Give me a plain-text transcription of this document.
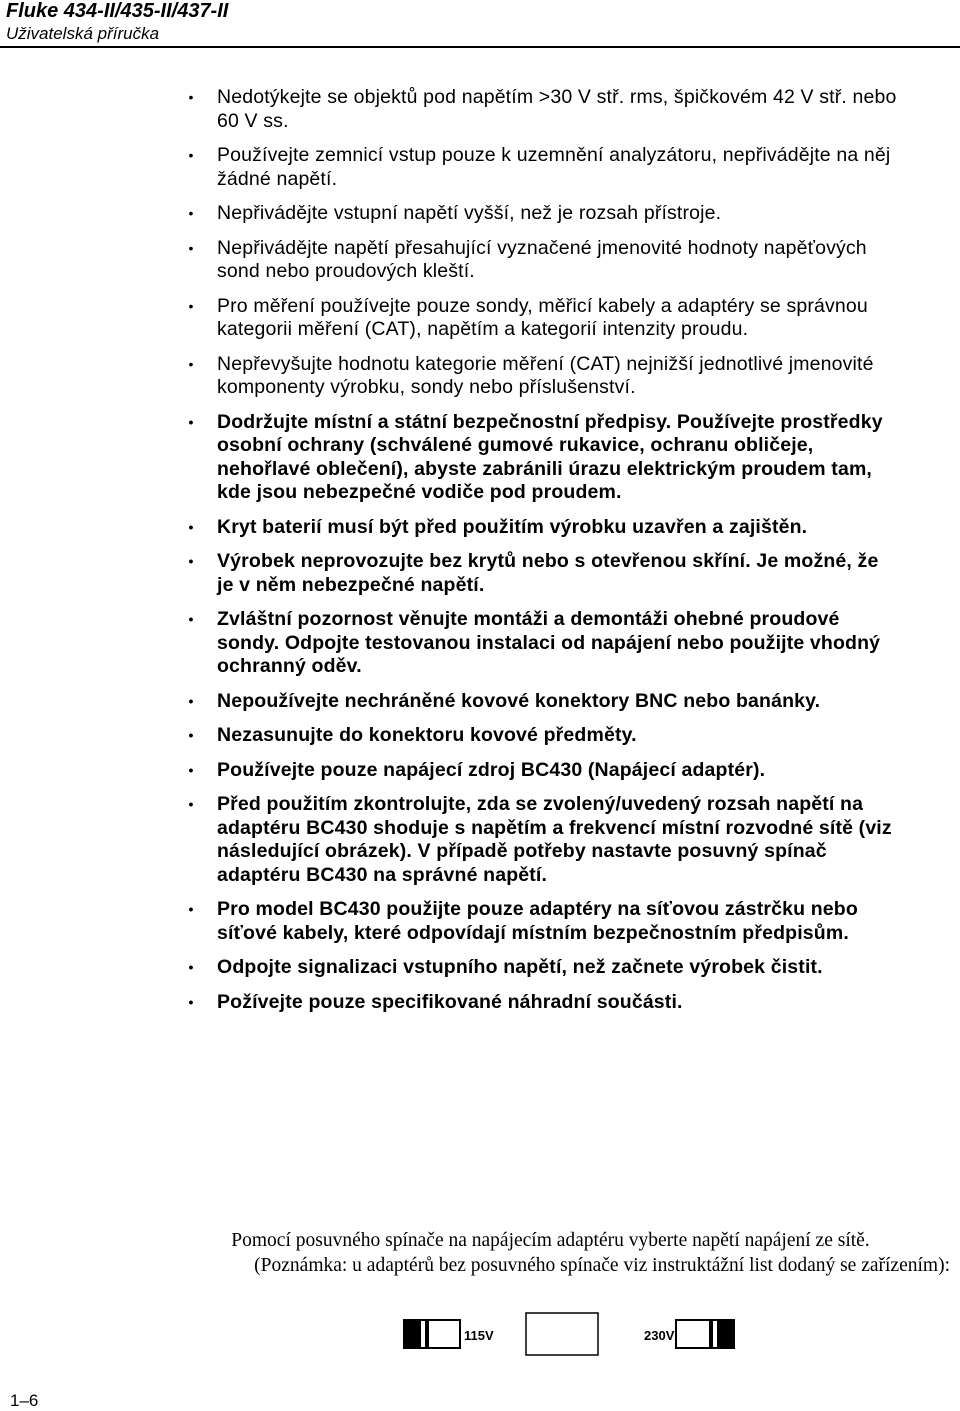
Fluke 434-II/435-II/437-II
Uživatelská příručka
•	Nedotýkejte se objektů pod napětím >30 V stř. rms, špičkovém 42 V stř. nebo 60 V ss.
•	Používejte zemnicí vstup pouze k uzemnění analyzátoru, nepřivádějte na něj žádné napětí.
•	Nepřivádějte vstupní napětí vyšší, než je rozsah přístroje.
•	Nepřivádějte napětí přesahující vyznačené jmenovité hodnoty napěťových sond nebo proudových kleští.
•	Pro měření používejte pouze sondy, měřicí kabely a adaptéry se správnou kategorii měření (CAT), napětím a kategorií intenzity proudu.
•	Nepřevyšujte hodnotu kategorie měření (CAT) nejnižší jednotlivé jmenovité komponenty výrobku, sondy nebo příslušenství.
•	Dodržujte místní a státní bezpečnostní předpisy. Používejte prostředky osobní ochrany (schválené gumové rukavice, ochranu obličeje, nehořlavé oblečení), abyste zabránili úrazu elektrickým proudem tam, kde jsou nebezpečné vodiče pod proudem.
•	Kryt baterií musí být před použitím výrobku uzavřen a zajištěn.
•	Výrobek neprovozujte bez krytů nebo s otevřenou skříní. Je možné, že je v něm nebezpečné napětí.
•	Zvláštní pozornost věnujte montáži a demontáži ohebné proudové sondy. Odpojte testovanou instalaci od napájení nebo použijte vhodný ochranný oděv.
•	Nepoužívejte nechráněné kovové konektory BNC nebo banánky.
•	Nezasunujte do konektoru kovové předměty.
•	Používejte pouze napájecí zdroj BC430 (Napájecí adaptér).
•	Před použitím zkontrolujte, zda se zvolený/uvedený rozsah napětí na adaptéru BC430 shoduje s napětím a frekvencí místní rozvodné sítě (viz následující obrázek). V případě potřeby nastavte posuvný spínač adaptéru BC430 na správné napětí.
•	Pro model BC430 použijte pouze adaptéry na síťovou zástrčku nebo síťové kabely, které odpovídají místním bezpečnostním předpisům.
•	Odpojte signalizaci vstupního napětí, než začnete výrobek čistit.
•	Požívejte pouze specifikované náhradní součásti.
Pomocí posuvného spínače na napájecím adaptéru vyberte napětí napájení ze sítě.
(Poznámka: u adaptérů bez posuvného spínače viz instruktážní list dodaný se zařízením):
115V	230V
1–6
